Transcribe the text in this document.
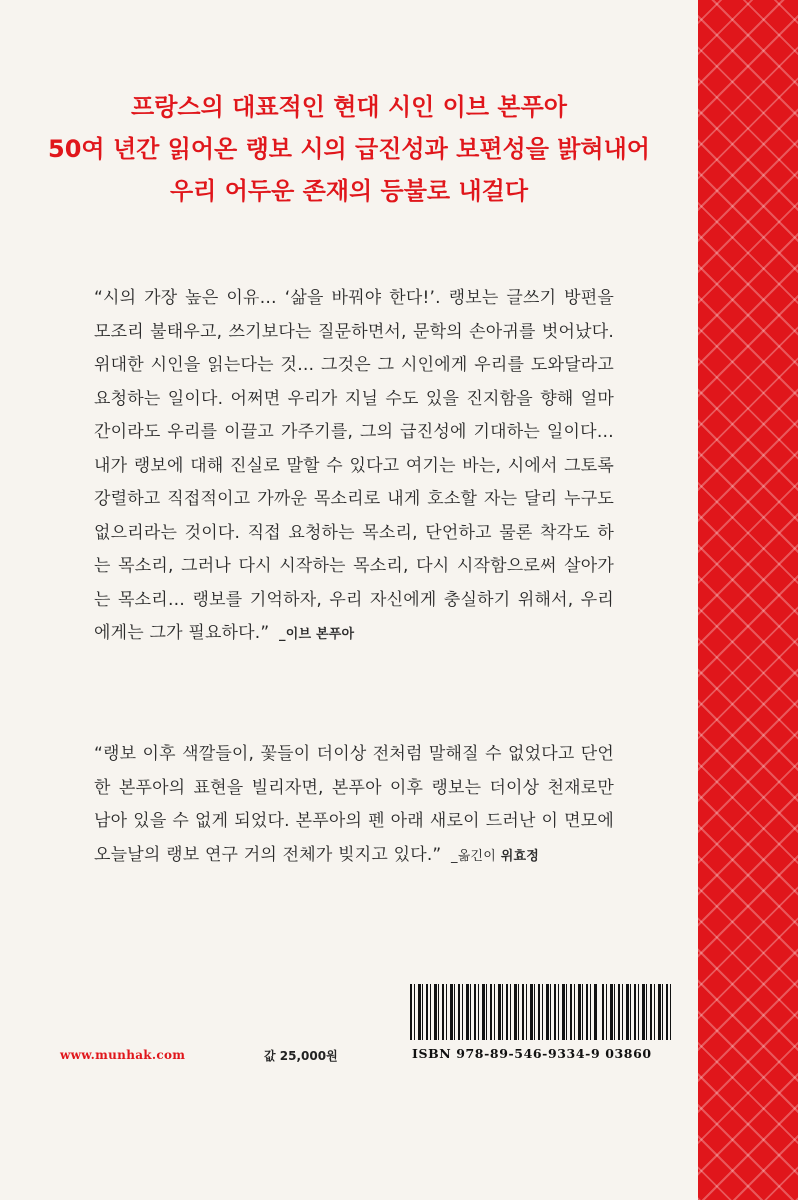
프랑스의 대표적인 현대 시인 이브 본푸아
50여 년간 읽어온 랭보 시의 급진성과 보편성을 밝혀내어
우리 어두운 존재의 등불로 내걸다
“시의 가장 높은 이유… ‘삶을 바꿔야 한다!’. 랭보는 글쓰기 방편을 모조리 불태우고, 쓰기보다는 질문하면서, 문학의 손아귀를 벗어났다. 위대한 시인을 읽는다는 것… 그것은 그 시인에게 우리를 도와달라고 요청하는 일이다. 어쩌면 우리가 지닐 수도 있을 진지함을 향해 얼마간이라도 우리를 이끌고 가주기를, 그의 급진성에 기대하는 일이다… 내가 랭보에 대해 진실로 말할 수 있다고 여기는 바는, 시에서 그토록 강렬하고 직접적이고 가까운 목소리로 내게 호소할 자는 달리 누구도 없으리라는 것이다. 직접 요청하는 목소리, 단언하고 물론 착각도 하는 목소리, 그러나 다시 시작하는 목소리, 다시 시작함으로써 살아가는 목소리… 랭보를 기억하자, 우리 자신에게 충실하기 위해서, 우리에게는 그가 필요하다.” _이브 본푸아
“랭보 이후 색깔들이, 꽃들이 더이상 전처럼 말해질 수 없었다고 단언한 본푸아의 표현을 빌리자면, 본푸아 이후 랭보는 더이상 천재로만 남아 있을 수 없게 되었다. 본푸아의 펜 아래 새로이 드러난 이 면모에 오늘날의 랭보 연구 거의 전체가 빚지고 있다.” _옮긴이 위효정
www.munhak.com	값 25,000원	ISBN 978-89-546-9334-9 03860
